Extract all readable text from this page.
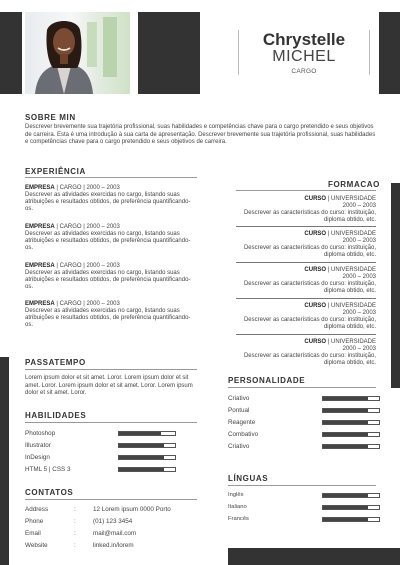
Chrystelle
MICHEL
CARGO
SOBRE MIN
Descrever brevemente sua trajetória profissional, suas habilidades e competências chave para o cargo pretendido e seus objetivos de carreira. Esta é uma introdução à sua carta de apresentação. Descrever brevemente sua trajetória profissional, suas habilidades e competências chave para o cargo pretendido e seus objetivos de carreira.
EXPERIÊNCIA
EMPRESA | CARGO | 2000 – 2003
Descrever as atividades exercidas no cargo, listando suas atribuições e resultados obtidos, de preferência quantificando-os.
EMPRESA | CARGO | 2000 – 2003
Descrever as atividades exercidas no cargo, listando suas atribuições e resultados obtidos, de preferência quantificando-os.
EMPRESA | CARGO | 2000 – 2003
Descrever as atividades exercidas no cargo, listando suas atribuições e resultados obtidos, de preferência quantificando-os.
EMPRESA | CARGO | 2000 – 2003
Descrever as atividades exercidas no cargo, listando suas atribuições e resultados obtidos, de preferência quantificando-os.
FORMACAO
CURSO | UNIVERSIDADE
2000 – 2003
Descrever as características do curso: instituição, diploma obtido, etc.
CURSO | UNIVERSIDADE
2000 – 2003
Descrever as características do curso: instituição, diploma obtido, etc.
CURSO | UNIVERSIDADE
2000 – 2003
Descrever as características do curso: instituição, diploma obtido, etc.
CURSO | UNIVERSIDADE
2000 – 2003
Descrever as características do curso: instituição, diploma obtido, etc.
CURSO | UNIVERSIDADE
2000 – 2003
Descrever as características do curso: instituição, diploma obtido, etc.
PASSATEMPO
Lorem ipsum dolor et sit amet. Loror. Lorem ipsum dolor et sit amet. Loror. Lorem ipsum dolor et sit amet. Loror. Lorem ipsum dolor et sit amet. Loror.
HABILIDADES
Photoshop
Illustrator
InDesign
HTML 5 | CSS 3
CONTATOS
Address	:	12 Lorem ipsum 0000 Porto
Phone	:	(01) 123 3454
Email	:	mail@mail.com
Website	:	linked.in/lorem
PERSONALIDADE
Criativo
Pontual
Reagente
Combativo
Criativo
LÍNGUAS
Inglês
Italiano
Francês
